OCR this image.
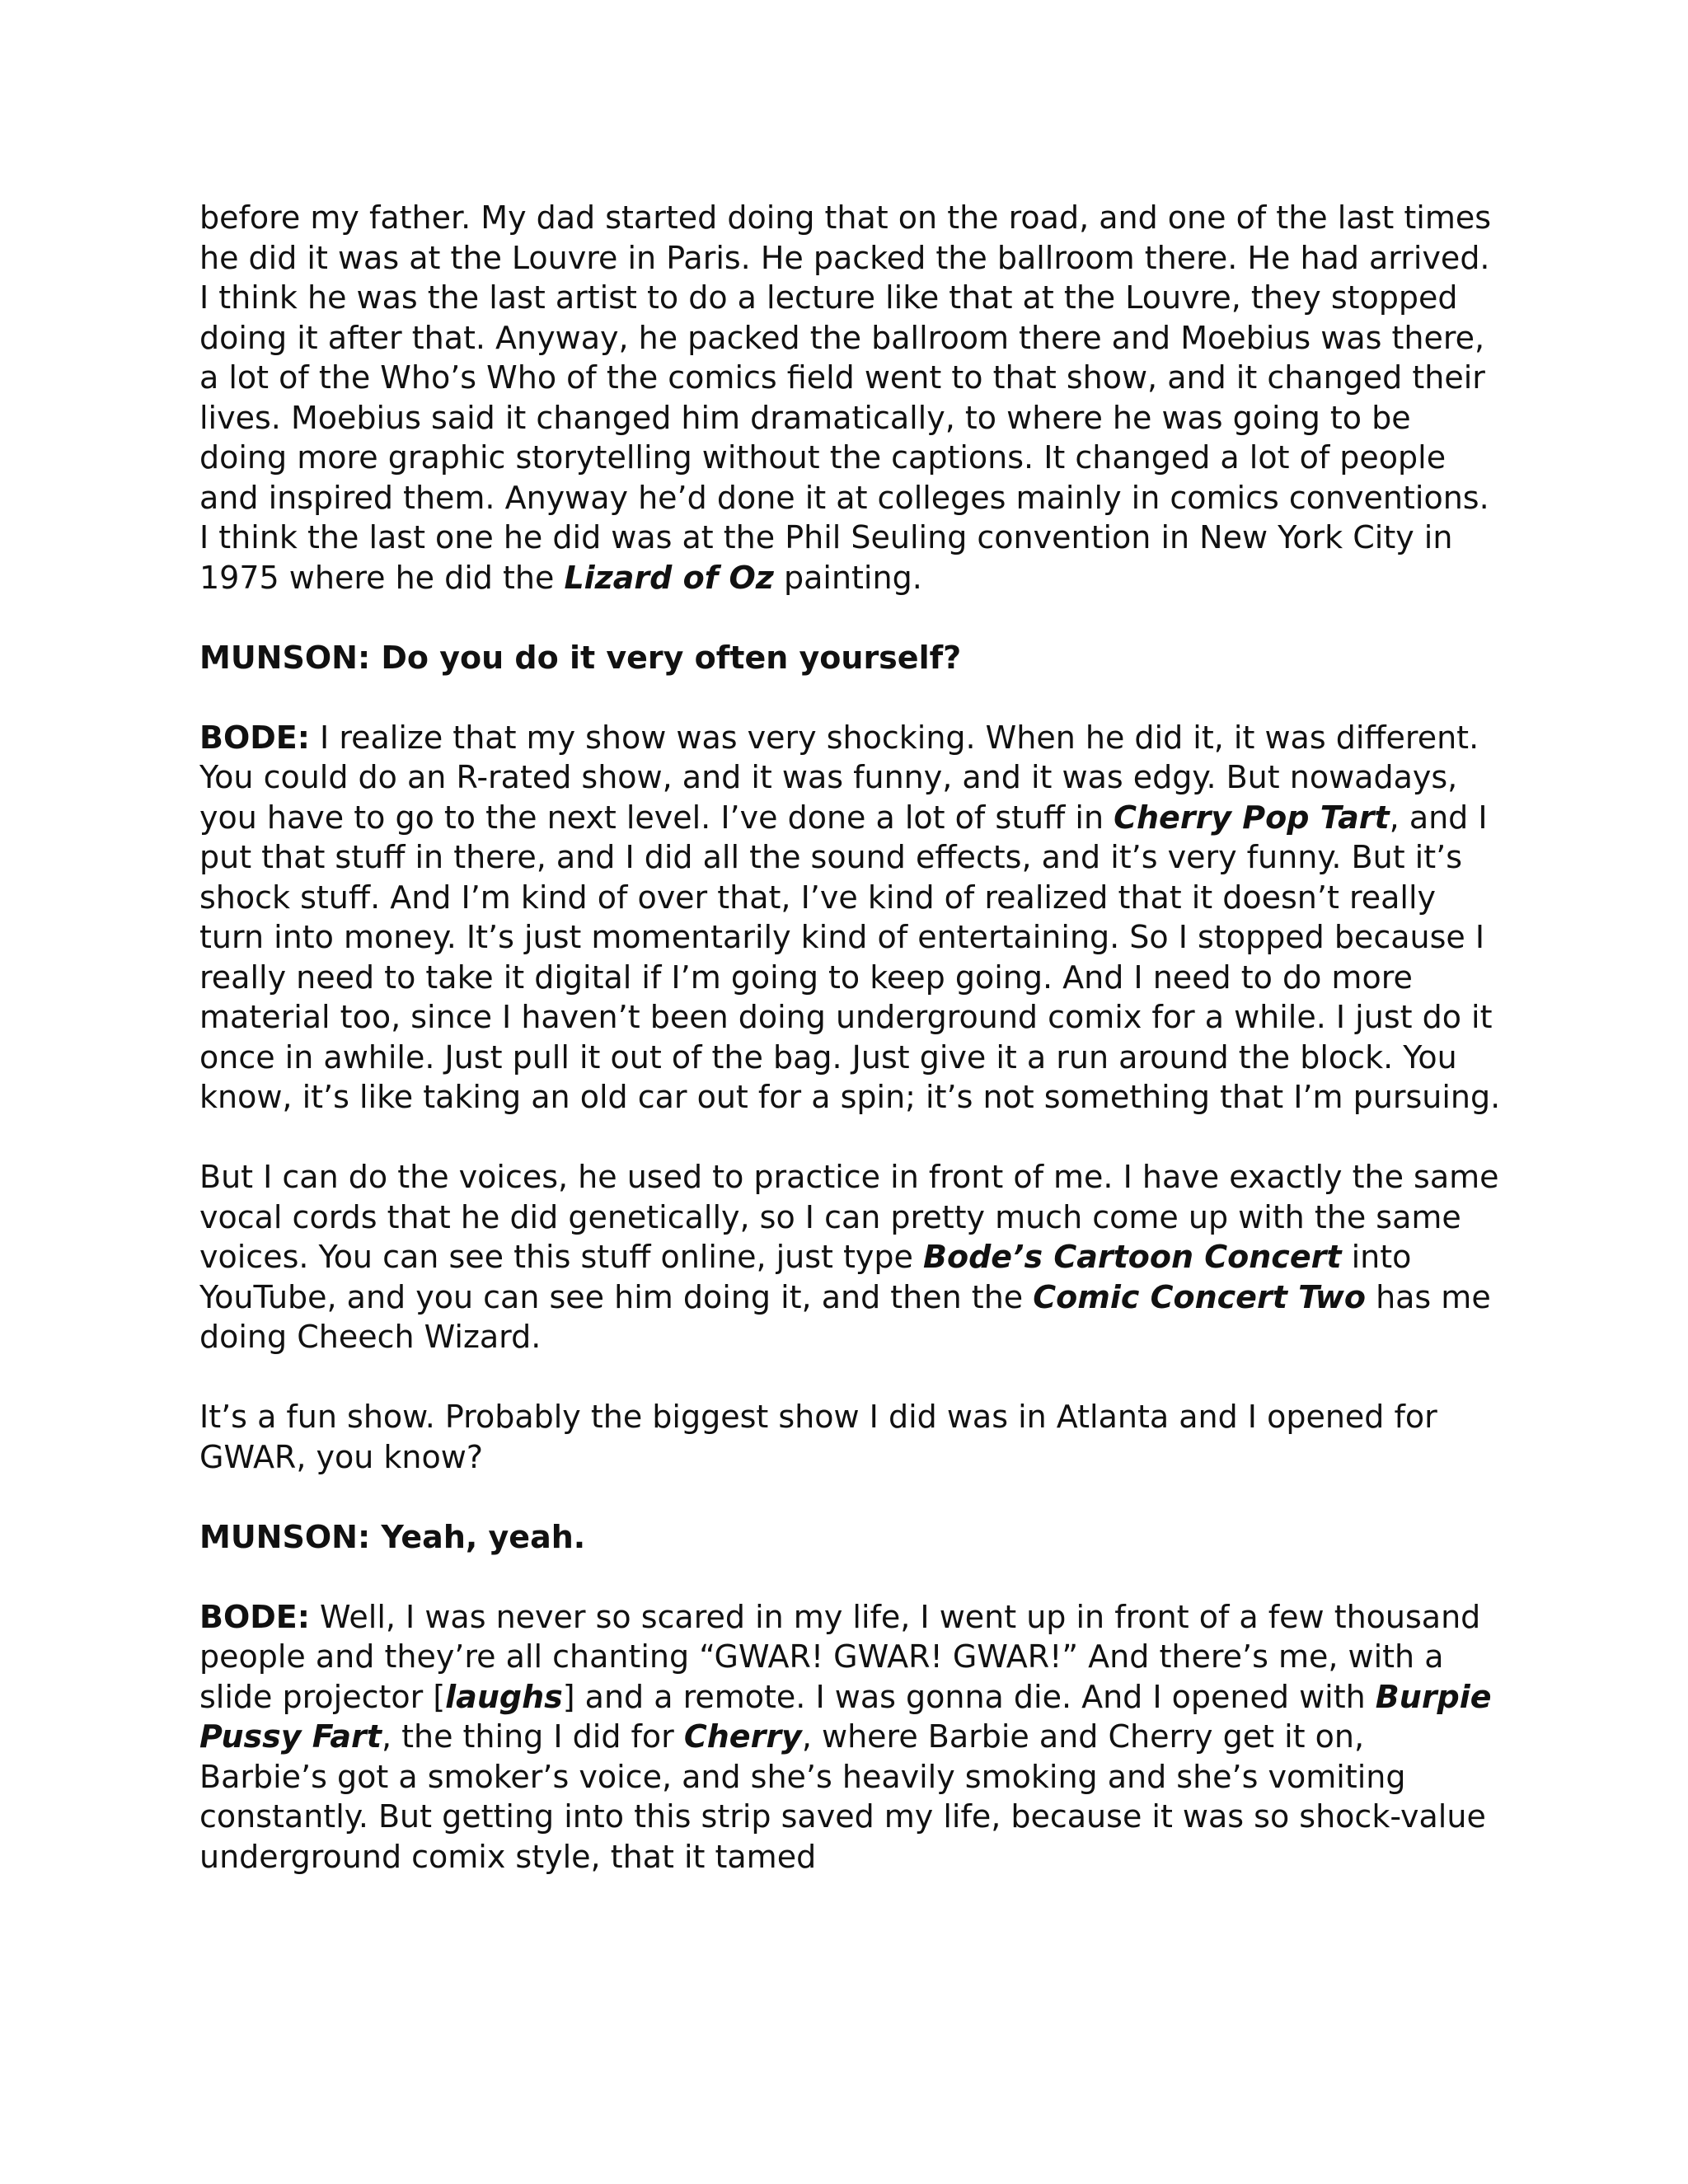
before my father. My dad started doing that on the road, and one of the last times he did it was at the Louvre in Paris. He packed the ballroom there. He had arrived. I think he was the last artist to do a lecture like that at the Louvre, they stopped doing it after that. Anyway, he packed the ballroom there and Moebius was there, a lot of the Who’s Who of the comics field went to that show, and it changed their lives. Moebius said it changed him dramatically, to where he was going to be doing more graphic storytelling without the captions. It changed a lot of people and inspired them. Anyway he’d done it at colleges mainly in comics conventions. I think the last one he did was at the Phil Seuling convention in New York City in 1975 where he did the Lizard of Oz painting.

MUNSON: Do you do it very often yourself?

BODE: I realize that my show was very shocking. When he did it, it was different. You could do an R-rated show, and it was funny, and it was edgy. But nowadays, you have to go to the next level. I’ve done a lot of stuff in Cherry Pop Tart, and I put that stuff in there, and I did all the sound effects, and it’s very funny. But it’s shock stuff. And I’m kind of over that, I’ve kind of realized that it doesn’t really turn into money. It’s just momentarily kind of entertaining. So I stopped because I really need to take it digital if I’m going to keep going. And I need to do more material too, since I haven’t been doing underground comix for a while. I just do it once in awhile. Just pull it out of the bag. Just give it a run around the block. You know, it’s like taking an old car out for a spin; it’s not something that I’m pursuing.

But I can do the voices, he used to practice in front of me. I have exactly the same vocal cords that he did genetically, so I can pretty much come up with the same voices. You can see this stuff online, just type Bode’s Cartoon Concert into YouTube, and you can see him doing it, and then the Comic Concert Two has me doing Cheech Wizard.

It’s a fun show. Probably the biggest show I did was in Atlanta and I opened for GWAR, you know?

MUNSON: Yeah, yeah.

BODE: Well, I was never so scared in my life, I went up in front of a few thousand people and they’re all chanting “GWAR! GWAR! GWAR!” And there’s me, with a slide projector [laughs] and a remote. I was gonna die. And I opened with Burpie Pussy Fart, the thing I did for Cherry, where Barbie and Cherry get it on, Barbie’s got a smoker’s voice, and she’s heavily smoking and she’s vomiting constantly. But getting into this strip saved my life, because it was so shock-value underground comix style, that it tamed
